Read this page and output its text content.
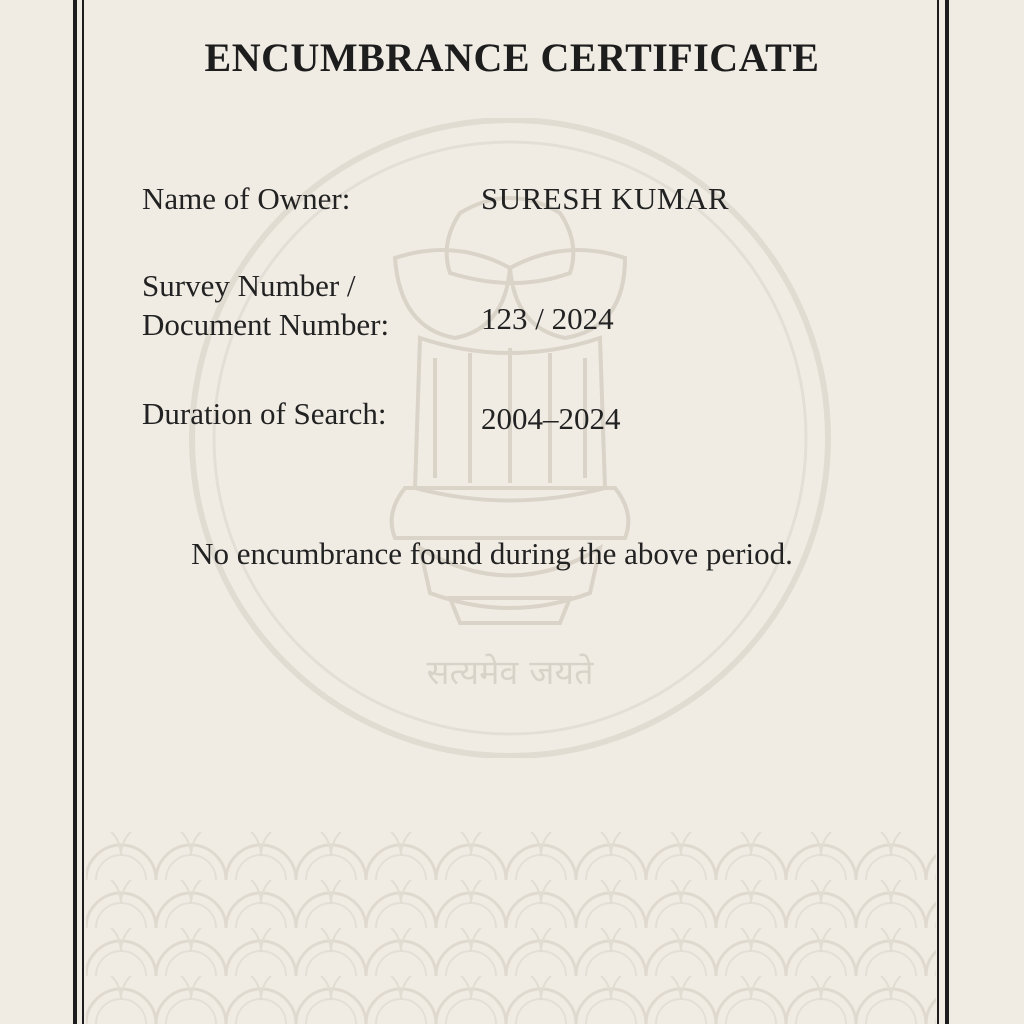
ENCUMBRANCE CERTIFICATE
Name of Owner:	SURESH KUMAR
Survey Number / Document Number:	123 / 2024
Duration of Search:	2004–2024
No encumbrance found during the above period.
सत्यमेव जयते
